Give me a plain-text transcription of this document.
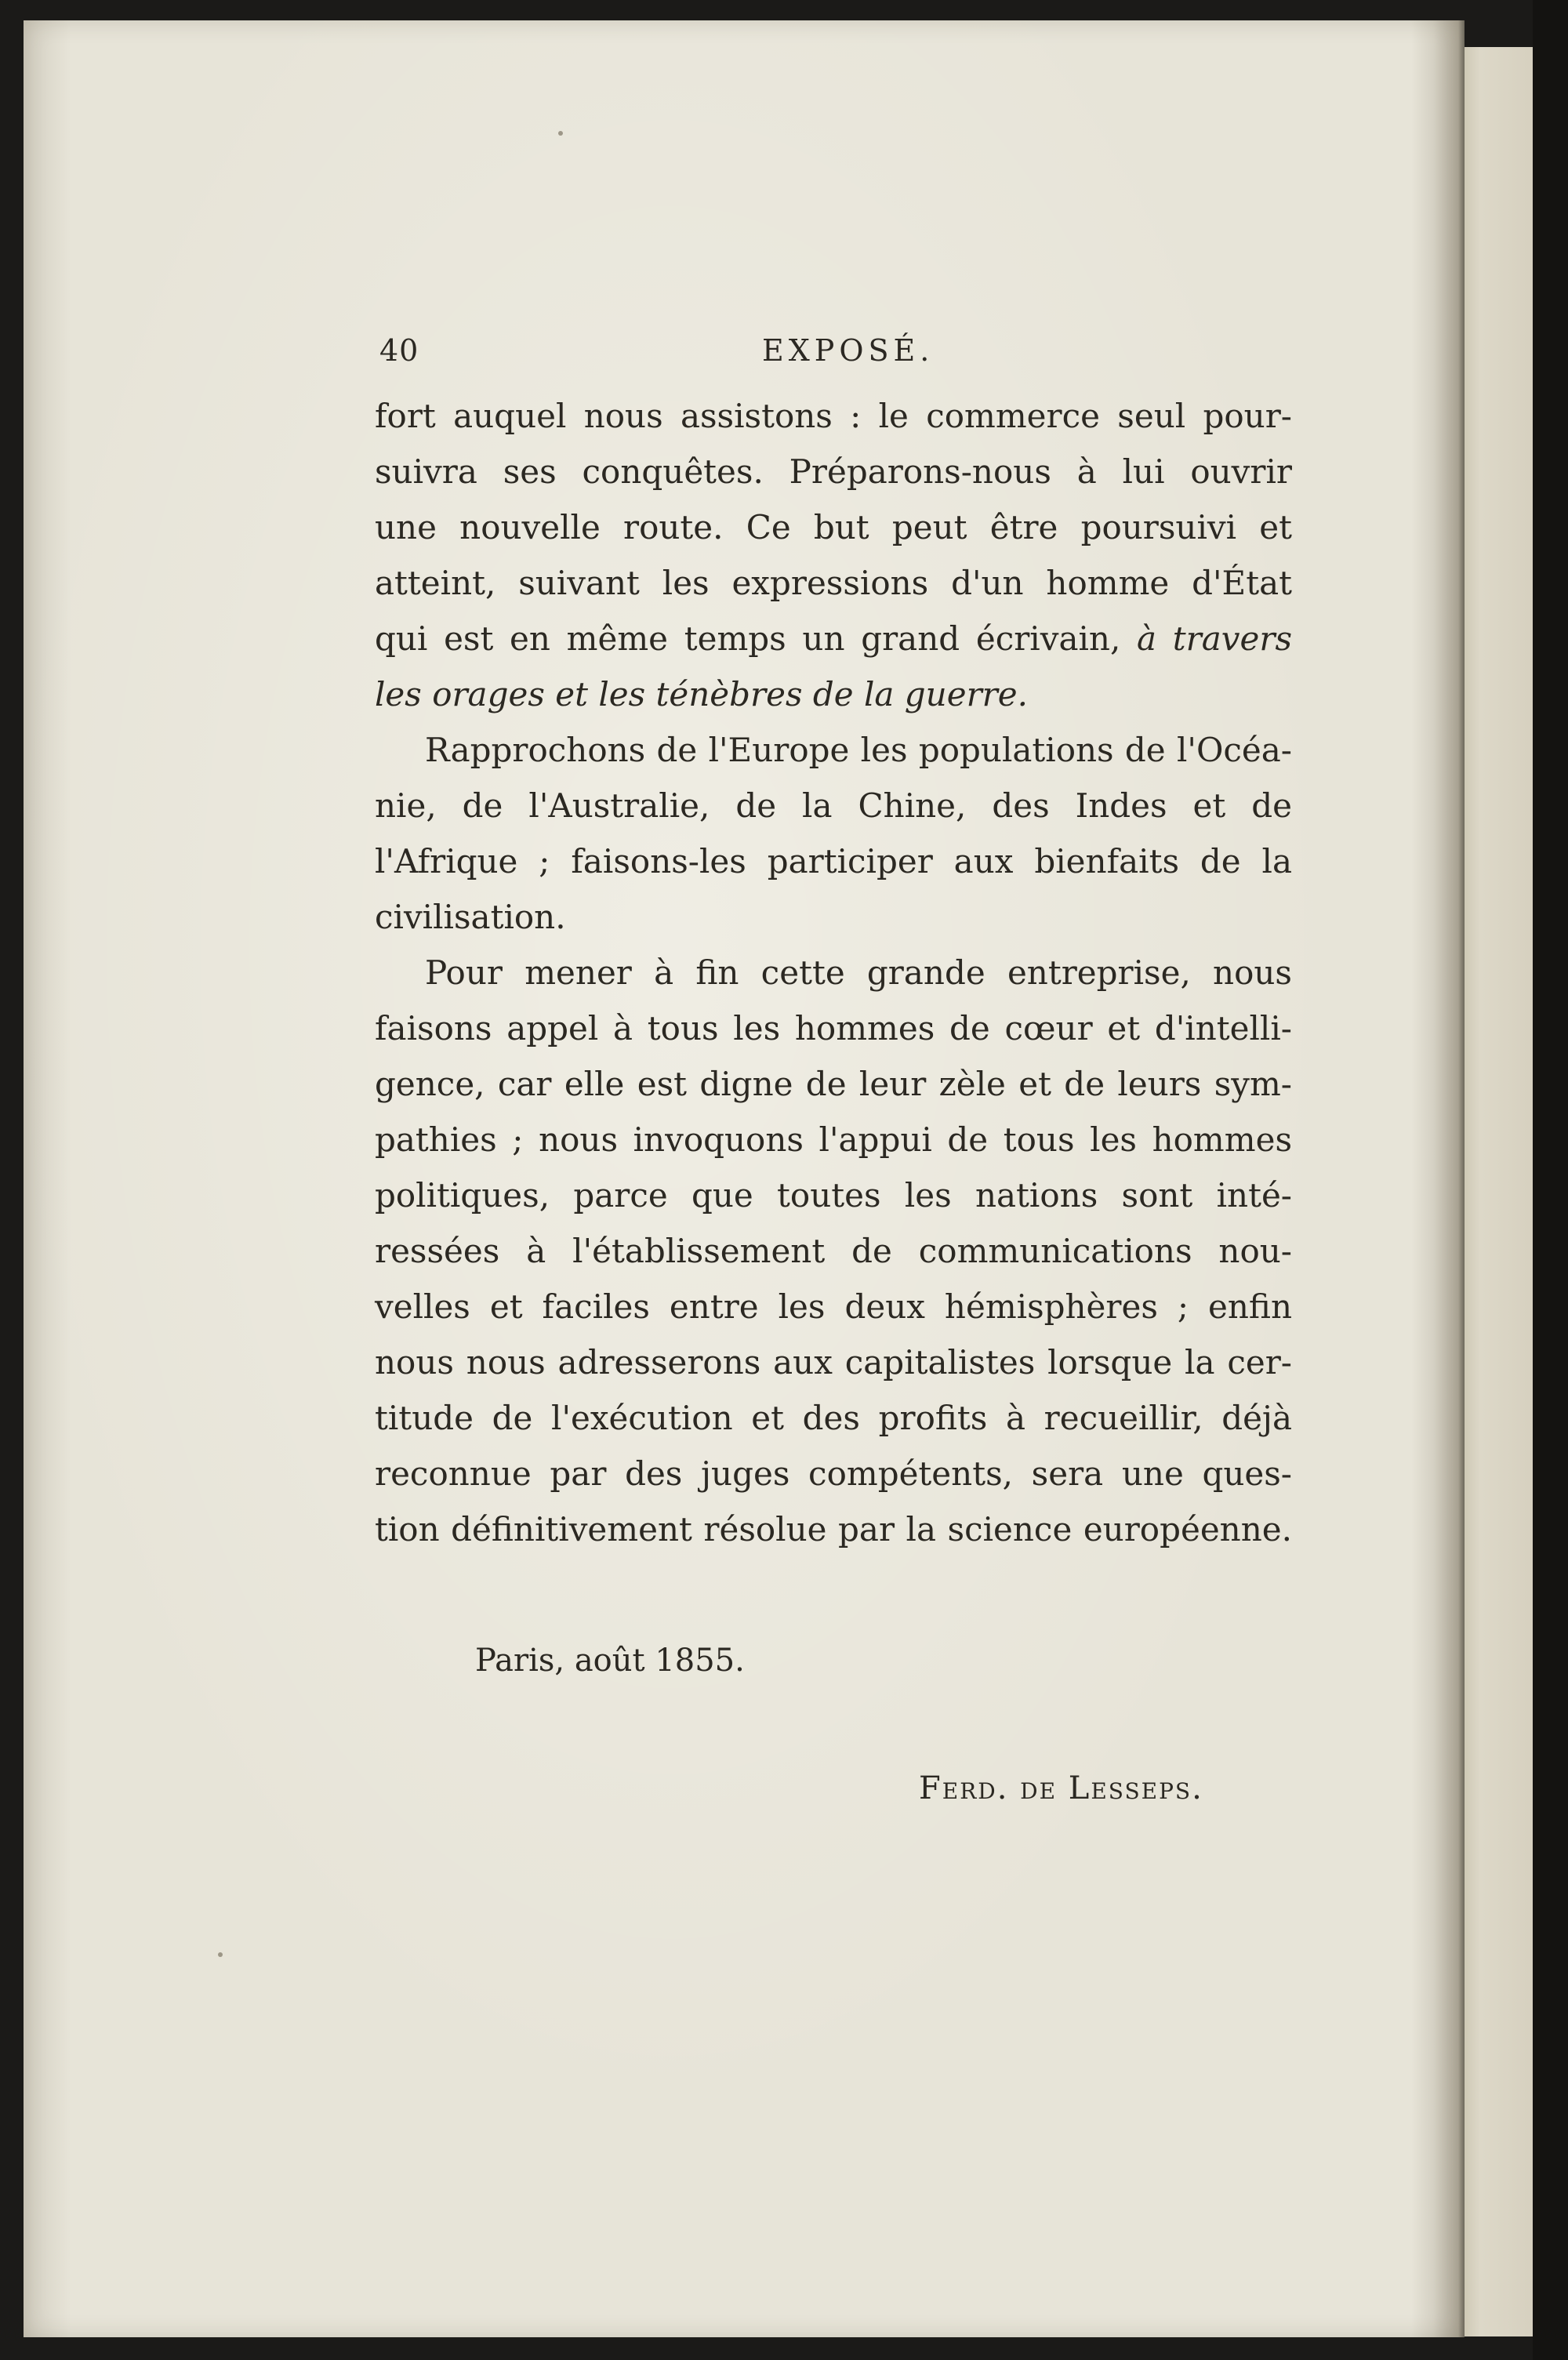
40	EXPOSÉ.
fort auquel nous assistons : le commerce seul pour-
suivra ses conquêtes. Préparons-nous à lui ouvrir
une nouvelle route. Ce but peut être poursuivi et
atteint, suivant les expressions d'un homme d'État
qui est en même temps un grand écrivain, à travers
les orages et les ténèbres de la guerre.
Rapprochons de l'Europe les populations de l'Océa-
nie, de l'Australie, de la Chine, des Indes et de
l'Afrique ; faisons-les participer aux bienfaits de la
civilisation.
Pour mener à fin cette grande entreprise, nous
faisons appel à tous les hommes de cœur et d'intelli-
gence, car elle est digne de leur zèle et de leurs sym-
pathies ; nous invoquons l'appui de tous les hommes
politiques, parce que toutes les nations sont inté-
ressées à l'établissement de communications nou-
velles et faciles entre les deux hémisphères ; enfin
nous nous adresserons aux capitalistes lorsque la cer-
titude de l'exécution et des profits à recueillir, déjà
reconnue par des juges compétents, sera une ques-
tion définitivement résolue par la science européenne.
Paris, août 1855.
Ferd. de Lesseps.
